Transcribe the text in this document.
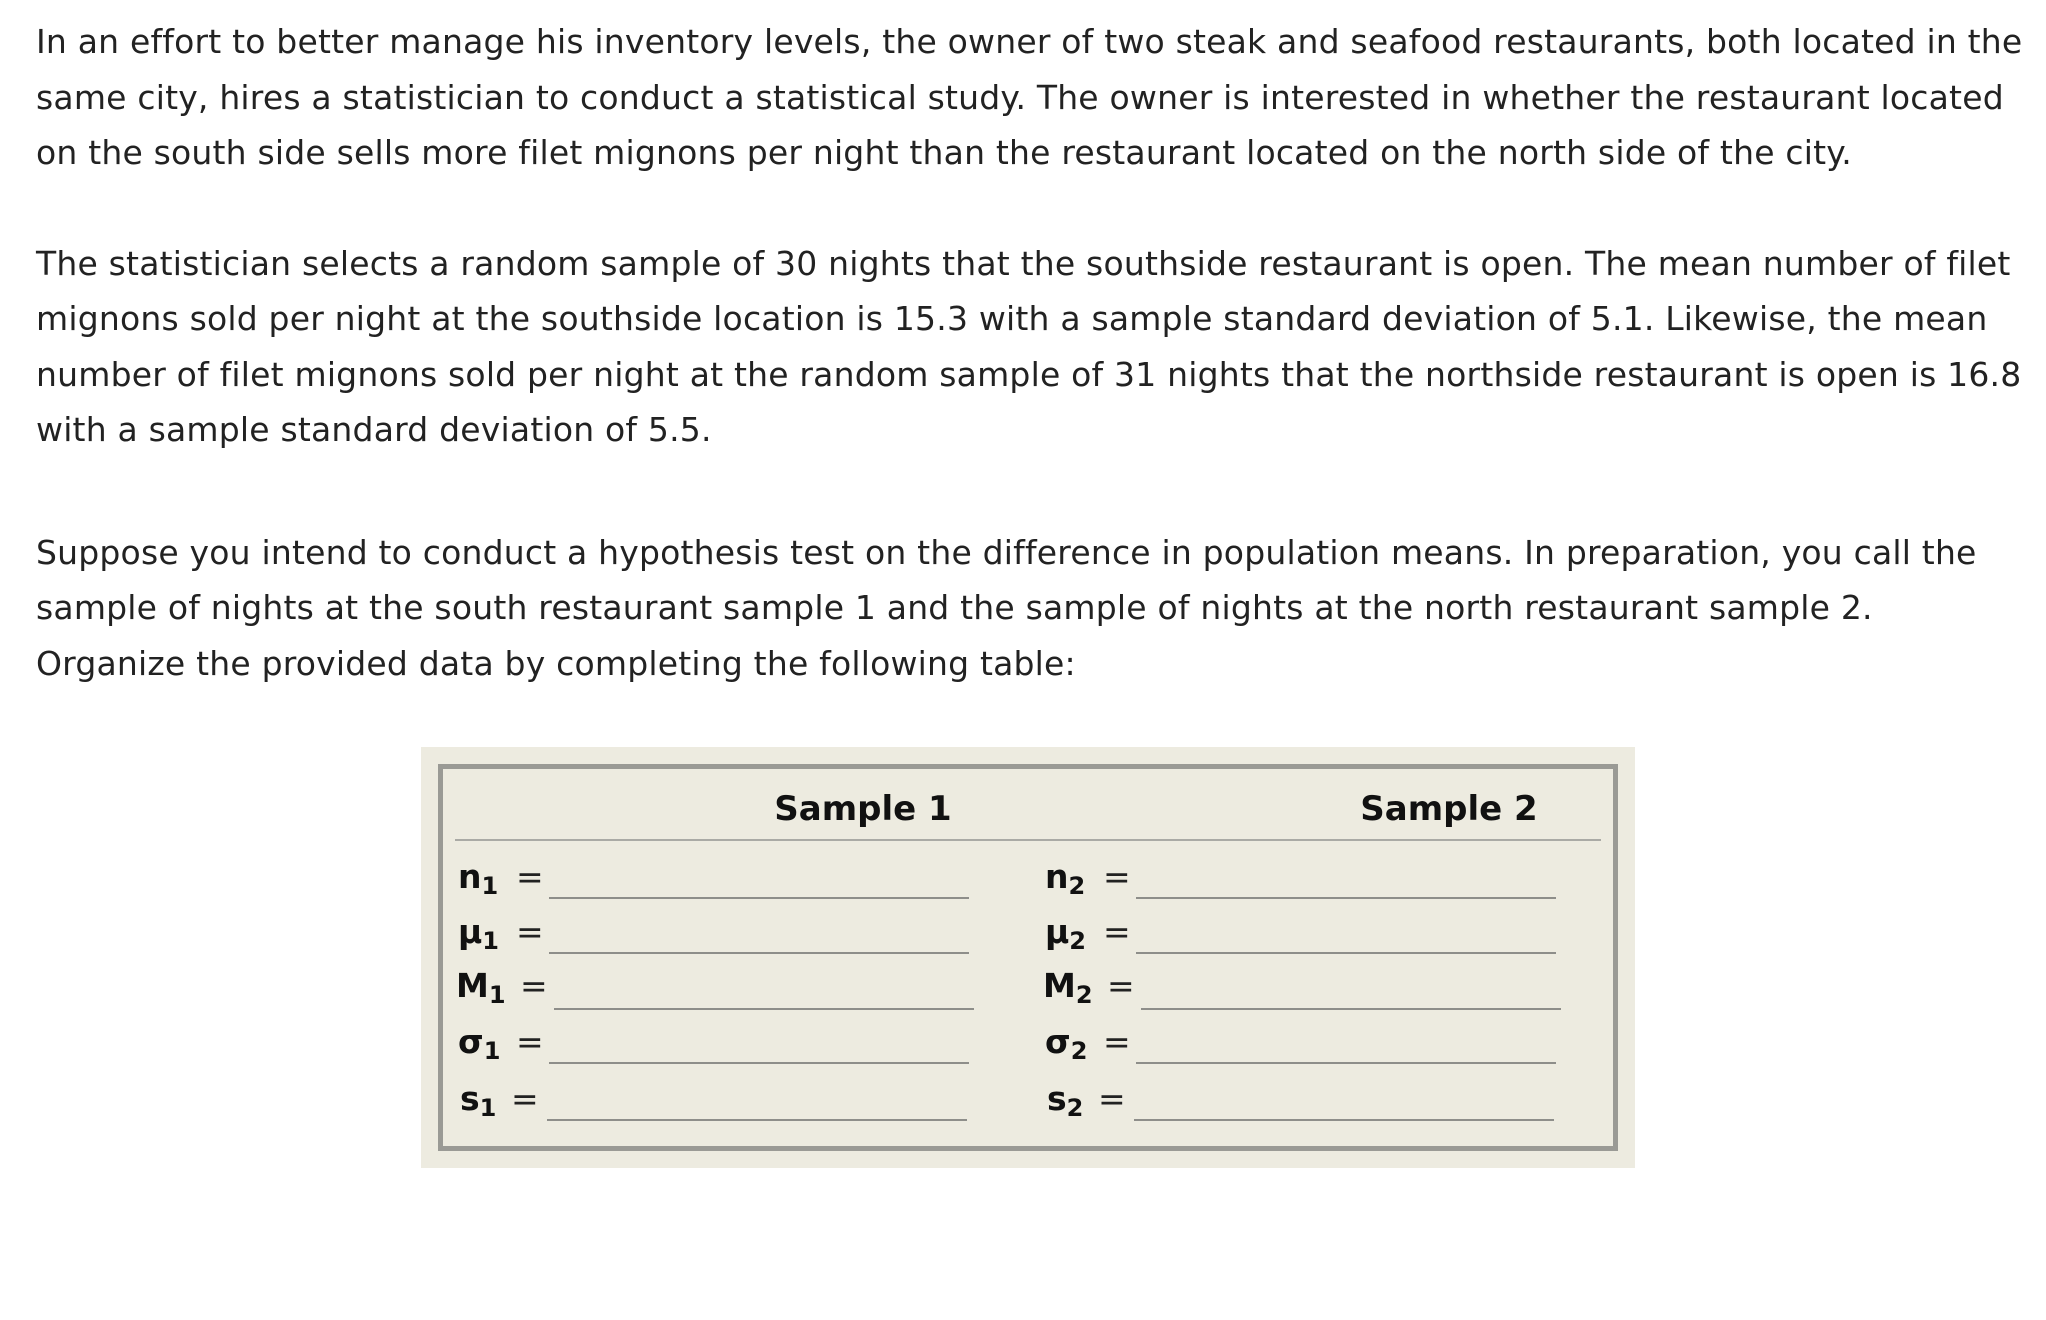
In an effort to better manage his inventory levels, the owner of two steak and seafood restaurants, both located in the same city, hires a statistician to conduct a statistical study. The owner is interested in whether the restaurant located on the south side sells more filet mignons per night than the restaurant located on the north side of the city.

The statistician selects a random sample of 30 nights that the southside restaurant is open. The mean number of filet mignons sold per night at the southside location is 15.3 with a sample standard deviation of 5.1. Likewise, the mean number of filet mignons sold per night at the random sample of 31 nights that the northside restaurant is open is 16.8 with a sample standard deviation of 5.5.

Suppose you intend to conduct a hypothesis test on the difference in population means. In preparation, you call the sample of nights at the south restaurant sample 1 and the sample of nights at the north restaurant sample 2. Organize the provided data by completing the following table:

Sample 1	Sample 2
$n_1$ =
μ1 =
$M_1$ =
σ1 =
$s_1$ =
$n_2$ =
μ2 =
$M_2$ =
σ2 =
$s_2$ =
